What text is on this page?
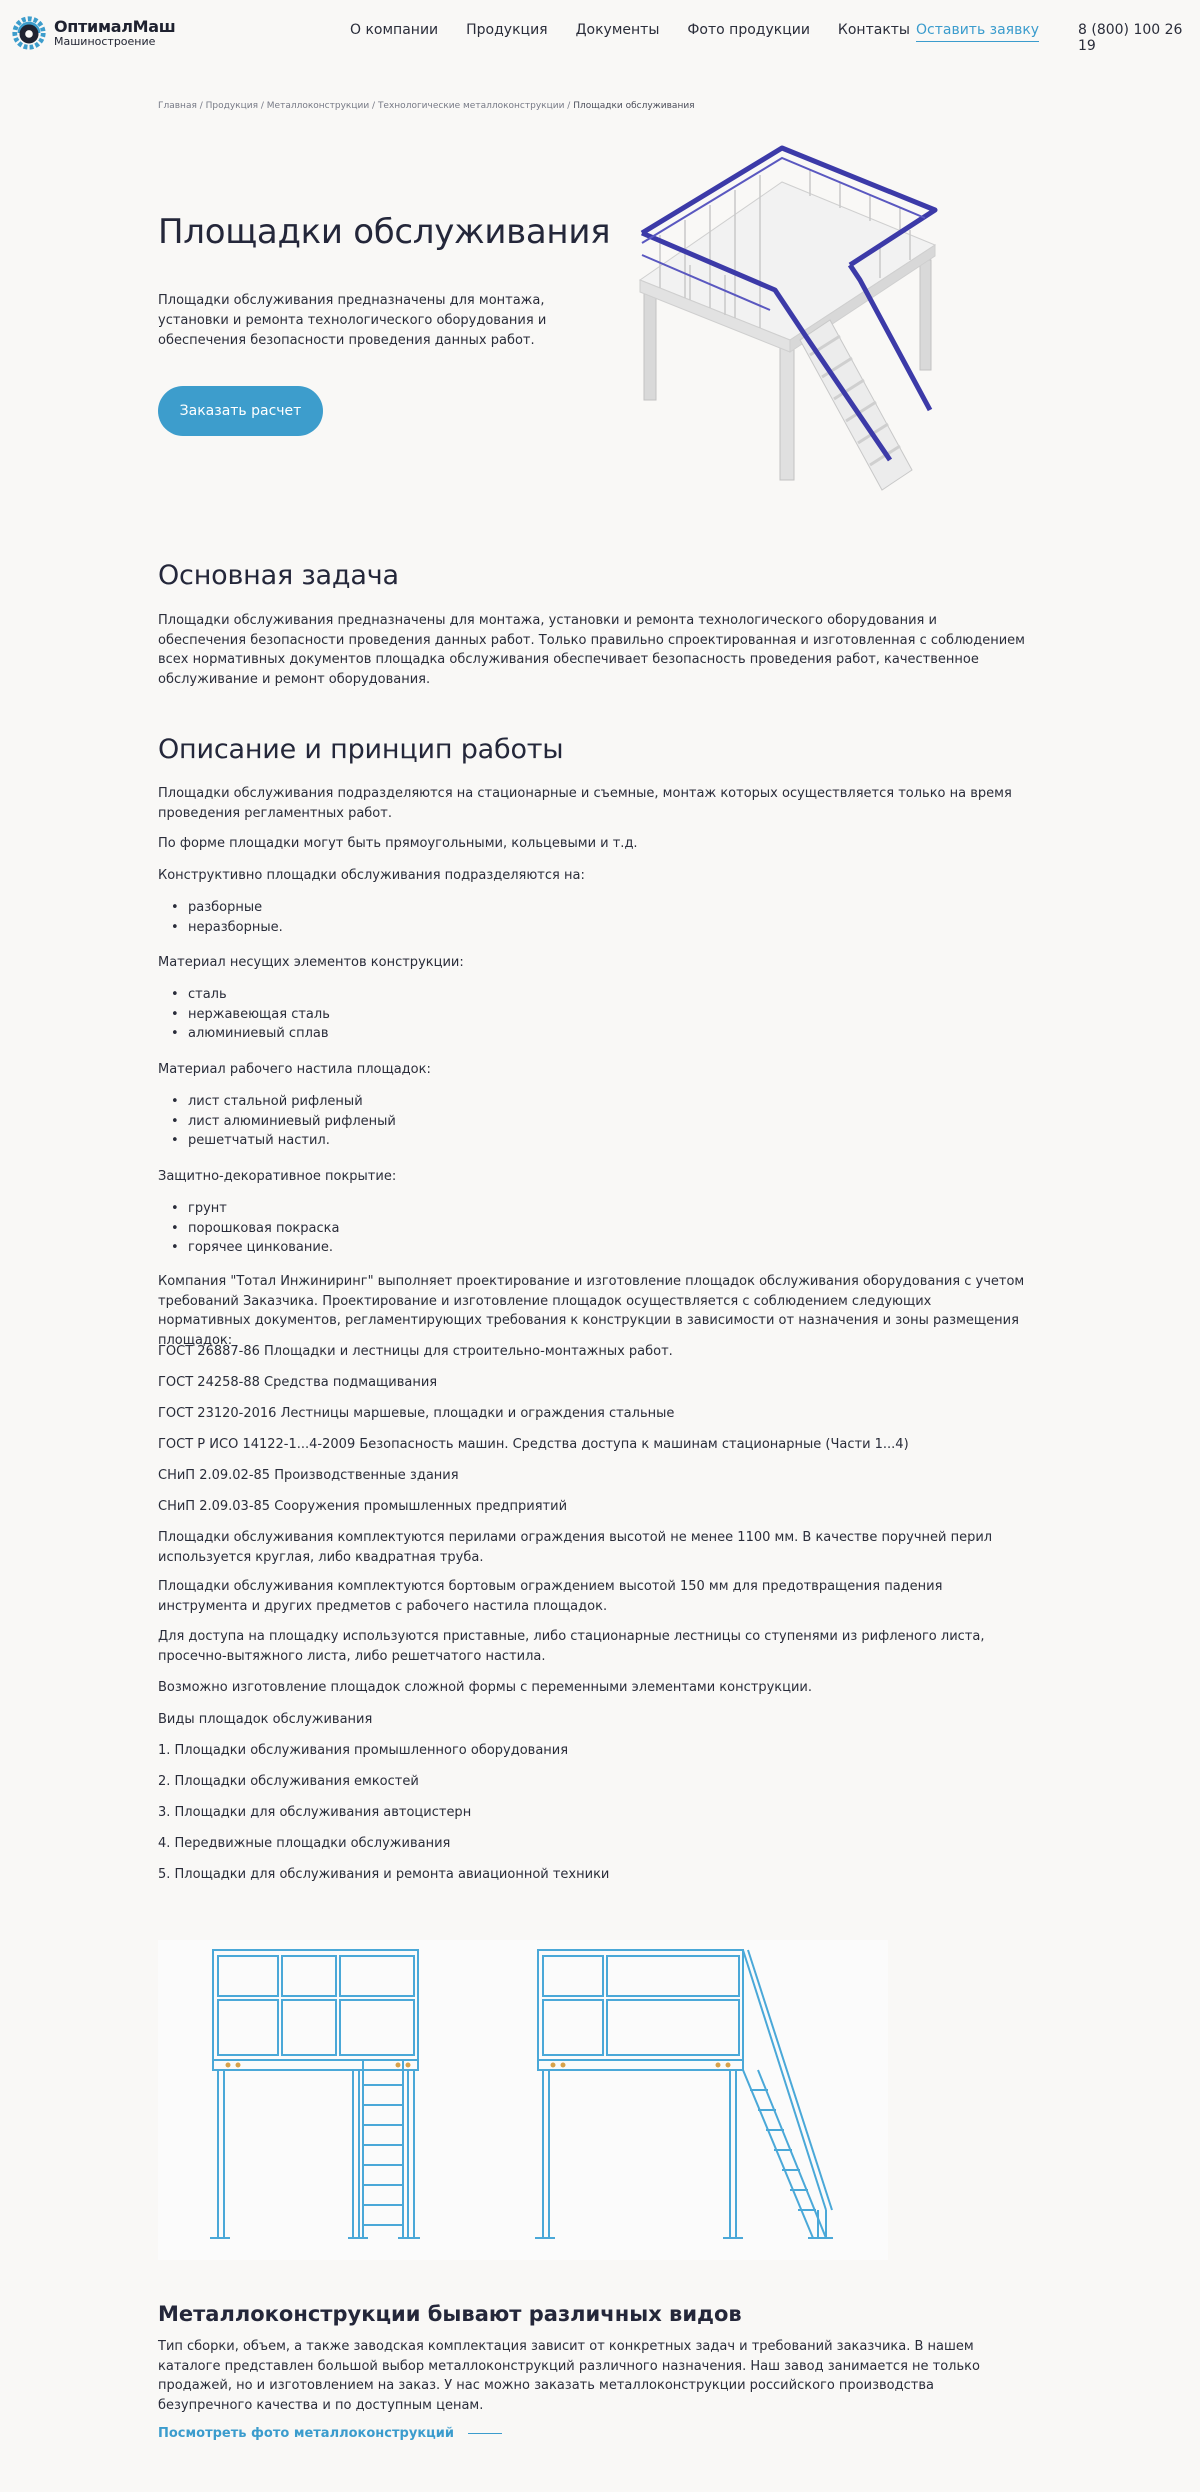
ОптималМаш
Машиностроение
О компании Продукция Документы Фото продукции Контакты Оставить заявку	8 (800) 100 26 19
Главная / Продукция / Металлоконструкции / Технологические металлоконструкции / Площадки обслуживания
Площадки обслуживания

Площадки обслуживания предназначены для монтажа, установки и ремонта технологического оборудования и обеспечения безопасности проведения данных работ.

Заказать расчет
Основная задача

Площадки обслуживания предназначены для монтажа, установки и ремонта технологического оборудования и обеспечения безопасности проведения данных работ. Только правильно спроектированная и изготовленная с соблюдением всех нормативных документов площадка обслуживания обеспечивает безопасность проведения работ, качественное обслуживание и ремонт оборудования.

Описание и принцип работы

Площадки обслуживания подразделяются на стационарные и съемные, монтаж которых осуществляется только на время проведения регламентных работ.

По форме площадки могут быть прямоугольными, кольцевыми и т.д.

Конструктивно площадки обслуживания подразделяются на:

• разборные
• неразборные.

Материал несущих элементов конструкции:

• сталь
• нержавеющая сталь
• алюминиевый сплав

Материал рабочего настила площадок:

• лист стальной рифленый
• лист алюминиевый рифленый
• решетчатый настил.

Защитно-декоративное покрытие:

• грунт
• порошковая покраска
• горячее цинкование.

Компания "Тотал Инжиниринг" выполняет проектирование и изготовление площадок обслуживания оборудования с учетом требований Заказчика. Проектирование и изготовление площадок осуществляется с соблюдением следующих нормативных документов, регламентирующих требования к конструкции в зависимости от назначения и зоны размещения площадок:

ГОСТ 26887-86 Площадки и лестницы для строительно-монтажных работ.

ГОСТ 24258-88 Средства подмащивания

ГОСТ 23120-2016 Лестницы маршевые, площадки и ограждения стальные

ГОСТ Р ИСО 14122-1...4-2009 Безопасность машин. Средства доступа к машинам стационарные (Части 1...4)

СНиП 2.09.02-85 Производственные здания

СНиП 2.09.03-85 Сооружения промышленных предприятий

Площадки обслуживания комплектуются перилами ограждения высотой не менее 1100 мм. В качестве поручней перил используется круглая, либо квадратная труба.

Площадки обслуживания комплектуются бортовым ограждением высотой 150 мм для предотвращения падения инструмента и других предметов с рабочего настила площадок.

Для доступа на площадку используются приставные, либо стационарные лестницы со ступенями из рифленого листа, просечно-вытяжного листа, либо решетчатого настила.

Возможно изготовление площадок сложной формы с переменными элементами конструкции.

Виды площадок обслуживания

1. Площадки обслуживания промышленного оборудования

2. Площадки обслуживания емкостей

3. Площадки для обслуживания автоцистерн

4. Передвижные площадки обслуживания

5. Площадки для обслуживания и ремонта авиационной техники

Металлоконструкции бывают различных видов

Тип сборки, объем, а также заводская комплектация зависит от конкретных задач и требований заказчика. В нашем каталоге представлен большой выбор металлоконструкций различного назначения. Наш завод занимается не только продажей, но и изготовлением на заказ. У нас можно заказать металлоконструкции российского производства безупречного качества и по доступным ценам.

Посмотреть фото металлоконструкций
